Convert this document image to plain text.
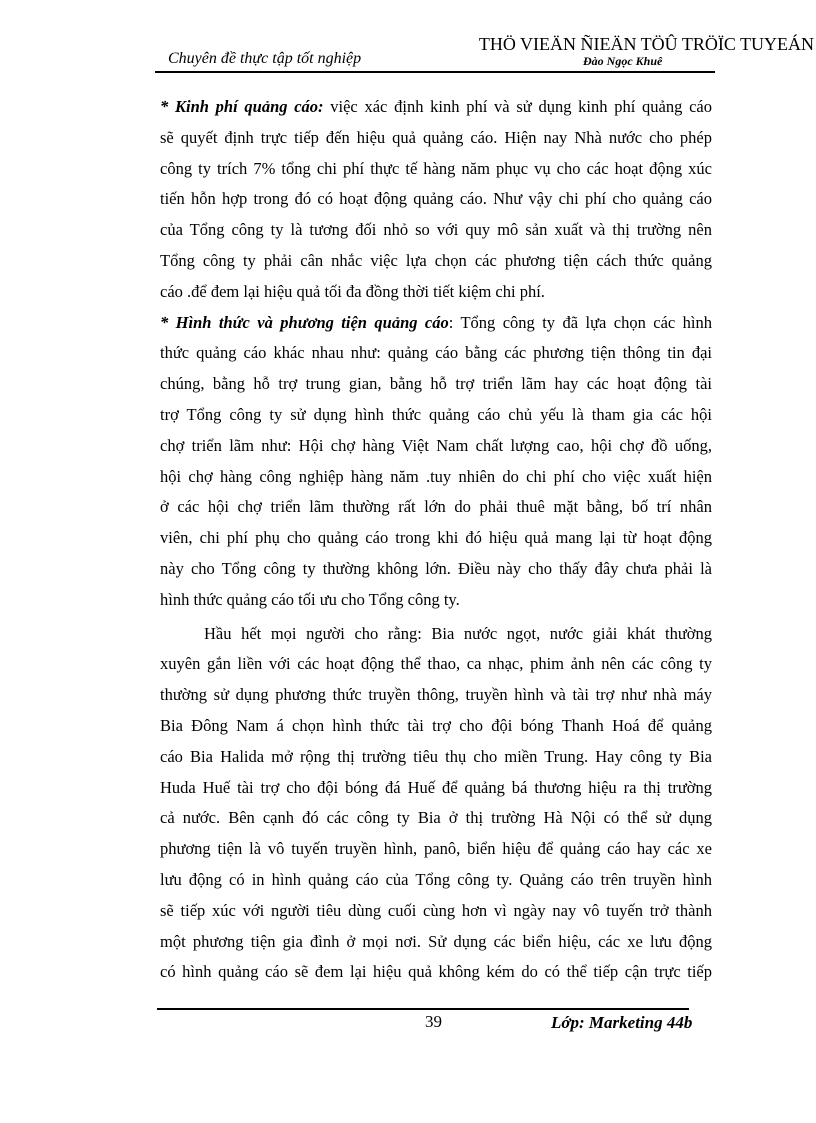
Chuyên đề thực tập tốt nghiệp
THÖ VIEÄN ÑIEÄN TÖÛ TRÖÏC TUYEÁN
Đào Ngọc Khuê
* Kinh phí quảng cáo: việc xác định kinh phí và sử dụng kinh phí quảng cáo
sẽ quyết định trực tiếp đến hiệu quả quảng cáo. Hiện nay Nhà nước cho phép
công ty trích 7% tổng chi phí thực tế hàng năm phục vụ cho các hoạt động xúc
tiến hỗn hợp trong đó có hoạt động quảng cáo. Như vậy chi phí cho quảng cáo
của Tổng công ty là tương đối nhỏ so với quy mô sản xuất và thị trường nên
Tổng công ty phải cân nhắc việc lựa chọn các phương tiện cách thức quảng
cáo .để đem lại hiệu quả tối đa đồng thời tiết kiệm chi phí.
* Hình thức và phương tiện quảng cáo: Tổng công ty đã lựa chọn các hình
thức quảng cáo khác nhau như: quảng cáo bằng các phương tiện thông tin đại
chúng, bằng hỗ trợ trung gian, bằng hỗ trợ triển lãm hay các hoạt động tài
trợ Tổng công ty sử dụng hình thức quảng cáo chủ yếu là tham gia các hội
chợ triển lãm như: Hội chợ hàng Việt Nam chất lượng cao, hội chợ đồ uống,
hội chợ hàng công nghiệp hàng năm .tuy nhiên do chi phí cho việc xuất hiện
ở các hội chợ triển lãm thường rất lớn do phải thuê mặt bằng, bố trí nhân
viên, chi phí phụ cho quảng cáo trong khi đó hiệu quả mang lại từ hoạt động
này cho Tổng công ty thường không lớn. Điều này cho thấy đây chưa phải là
hình thức quảng cáo tối ưu cho Tổng công ty.
Hầu hết mọi người cho rằng: Bia nước ngọt, nước giải khát thường
xuyên gắn liền với các hoạt động thể thao, ca nhạc, phim ảnh nên các công ty
thường sử dụng phương thức truyền thông, truyền hình và tài trợ như nhà máy
Bia Đông Nam á chọn hình thức tài trợ cho đội bóng Thanh Hoá để quảng
cáo Bia Halida mở rộng thị trường tiêu thụ cho miền Trung. Hay công ty Bia
Huda Huế tài trợ cho đội bóng đá Huế để quảng bá thương hiệu ra thị trường
cả nước. Bên cạnh đó các công ty Bia ở thị trường Hà Nội có thể sử dụng
phương tiện là vô tuyến truyền hình, panô, biển hiệu để quảng cáo hay các xe
lưu động có in hình quảng cáo của Tổng công ty. Quảng cáo trên truyền hình
sẽ tiếp xúc với người tiêu dùng cuối cùng hơn vì ngày nay vô tuyến trở thành
một phương tiện gia đình ở mọi nơi. Sử dụng các biển hiệu, các xe lưu động
có hình quảng cáo sẽ đem lại hiệu quả không kém do có thể tiếp cận trực tiếp
39	Lớp: Marketing 44b
